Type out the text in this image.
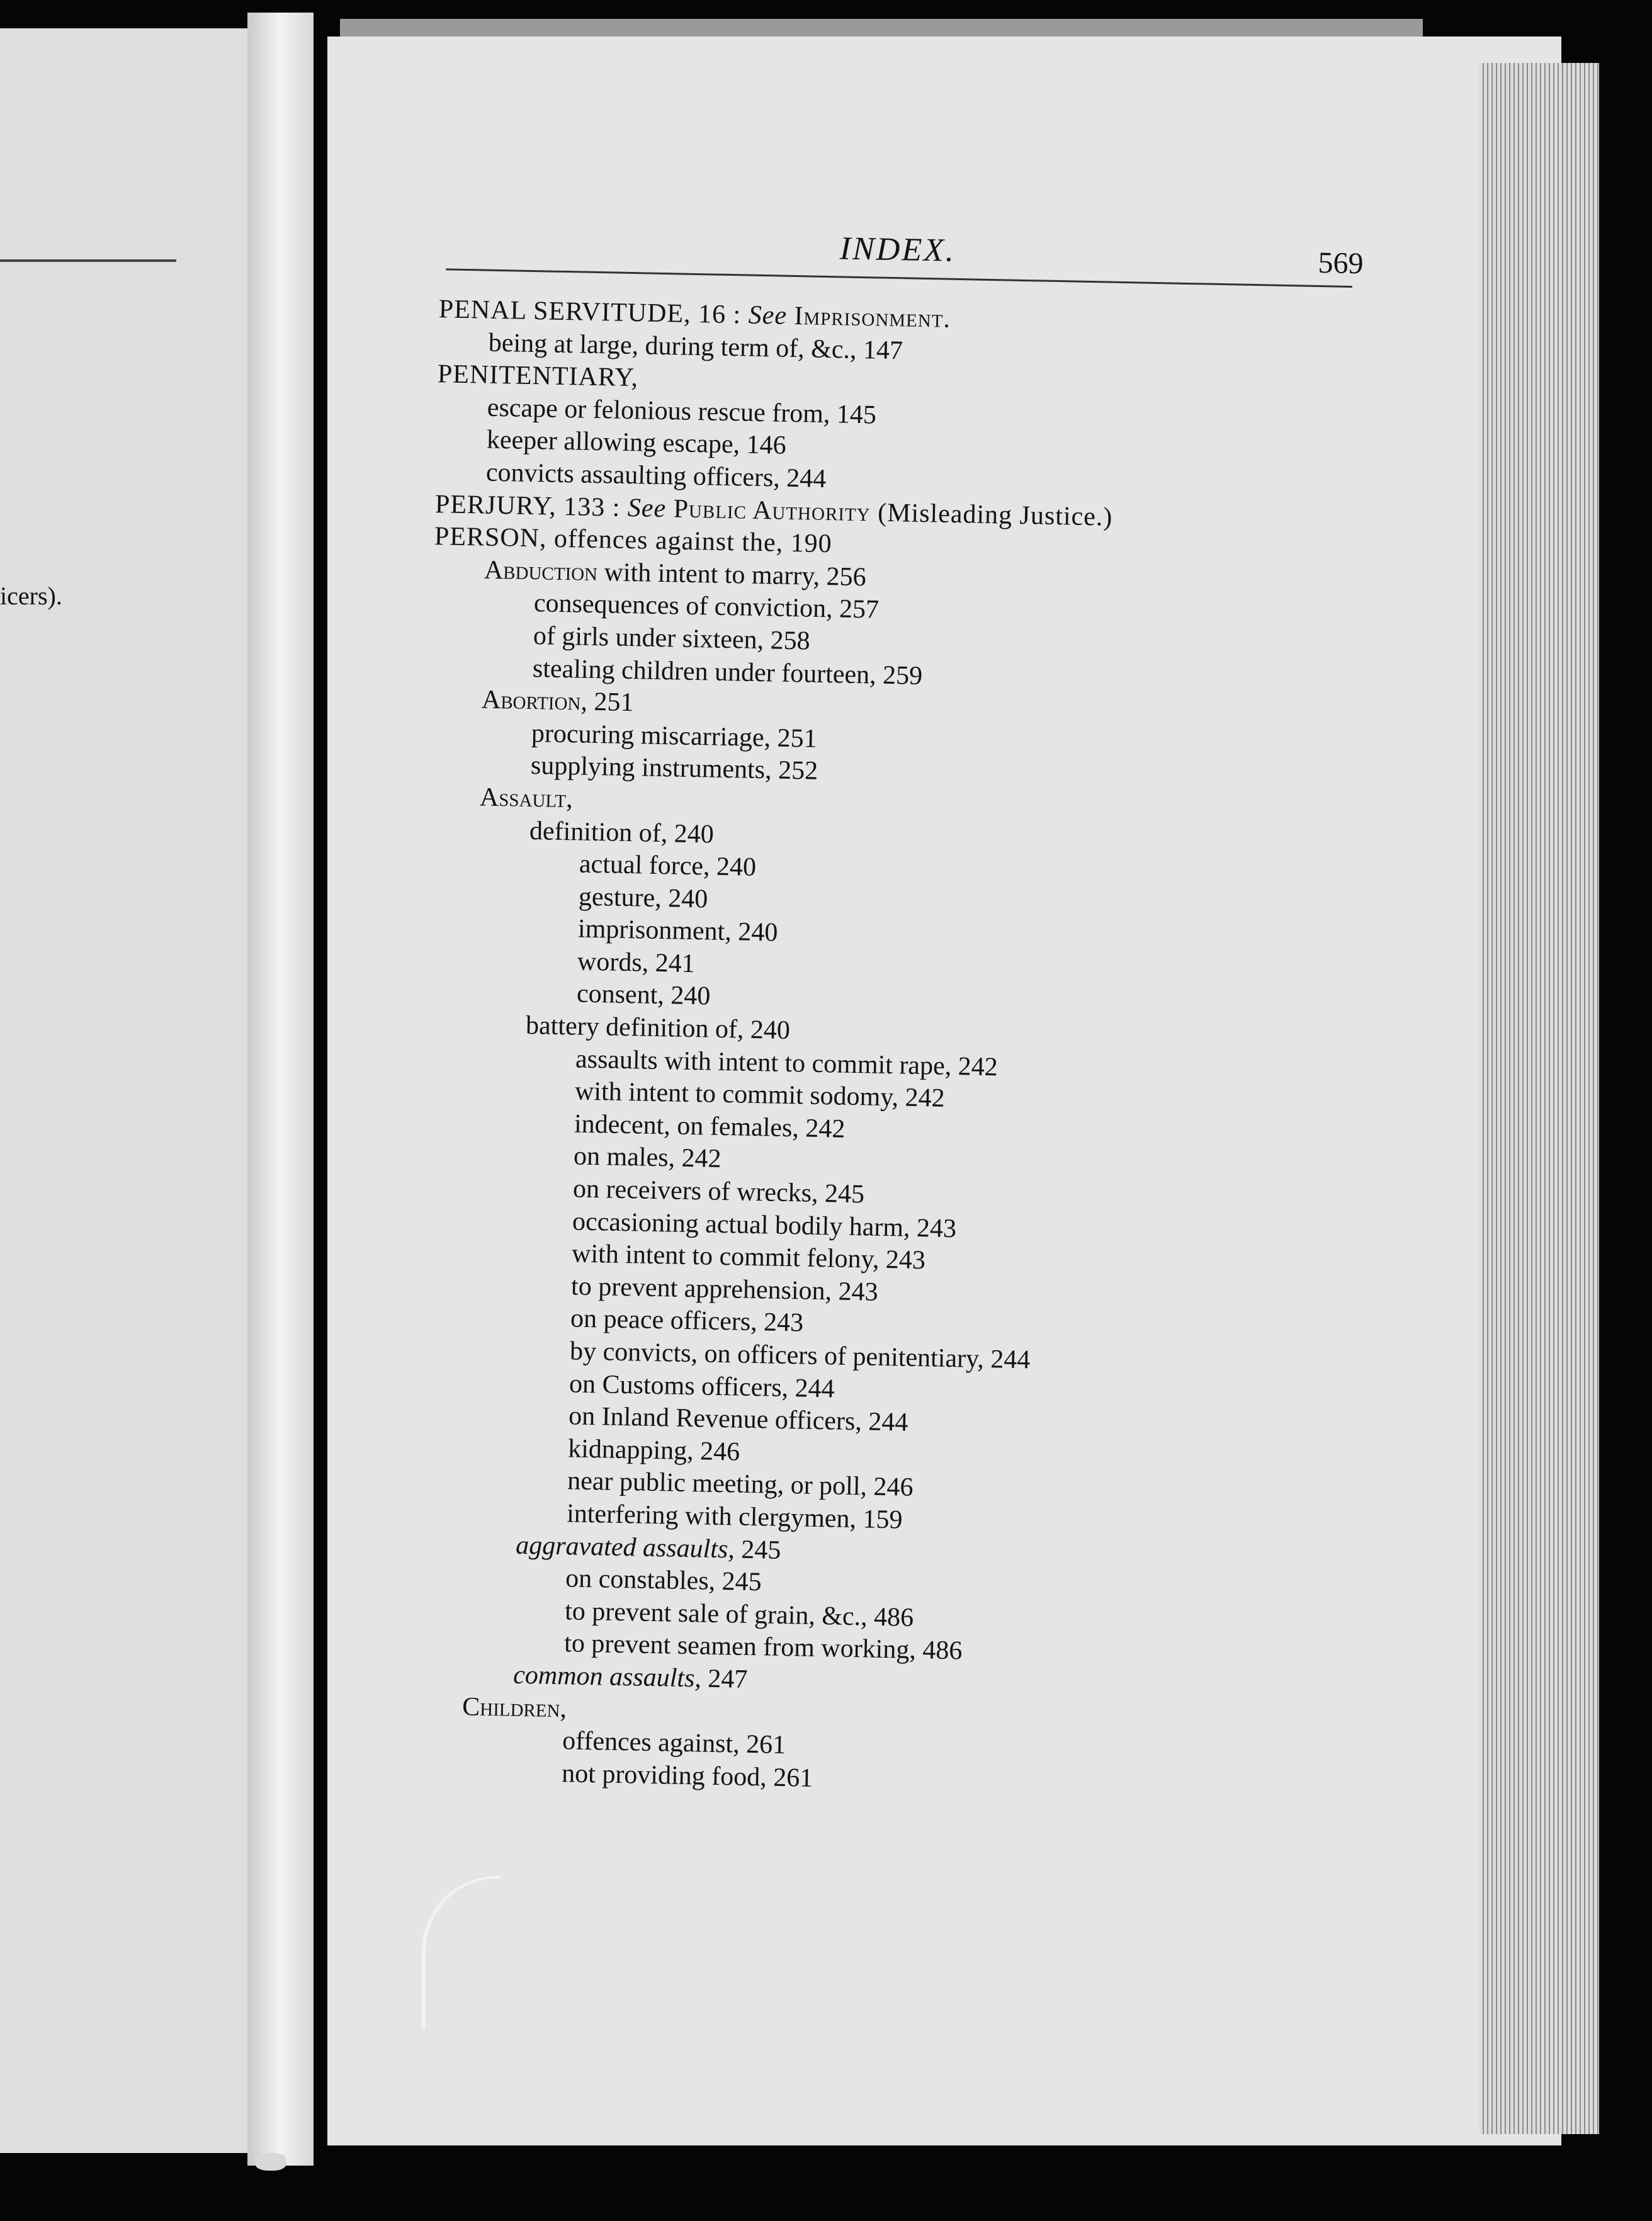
icers).
INDEX.	569
PENAL SERVITUDE, 16 : See Imprisonment.
being at large, during term of, &c., 147
PENITENTIARY,
escape or felonious rescue from, 145
keeper allowing escape, 146
convicts assaulting officers, 244
PERJURY, 133 : See Public Authority (Misleading Justice.)
PERSON, offences against the, 190
Abduction with intent to marry, 256
consequences of conviction, 257
of girls under sixteen, 258
stealing children under fourteen, 259
Abortion, 251
procuring miscarriage, 251
supplying instruments, 252
Assault,
definition of, 240
actual force, 240
gesture, 240
imprisonment, 240
words, 241
consent, 240
battery definition of, 240
assaults with intent to commit rape, 242
with intent to commit sodomy, 242
indecent, on females, 242
on males, 242
on receivers of wrecks, 245
occasioning actual bodily harm, 243
with intent to commit felony, 243
to prevent apprehension, 243
on peace officers, 243
by convicts, on officers of penitentiary, 244
on Customs officers, 244
on Inland Revenue officers, 244
kidnapping, 246
near public meeting, or poll, 246
interfering with clergymen, 159
aggravated assaults, 245
on constables, 245
to prevent sale of grain, &c., 486
to prevent seamen from working, 486
common assaults, 247
Children,
offences against, 261
not providing food, 261
